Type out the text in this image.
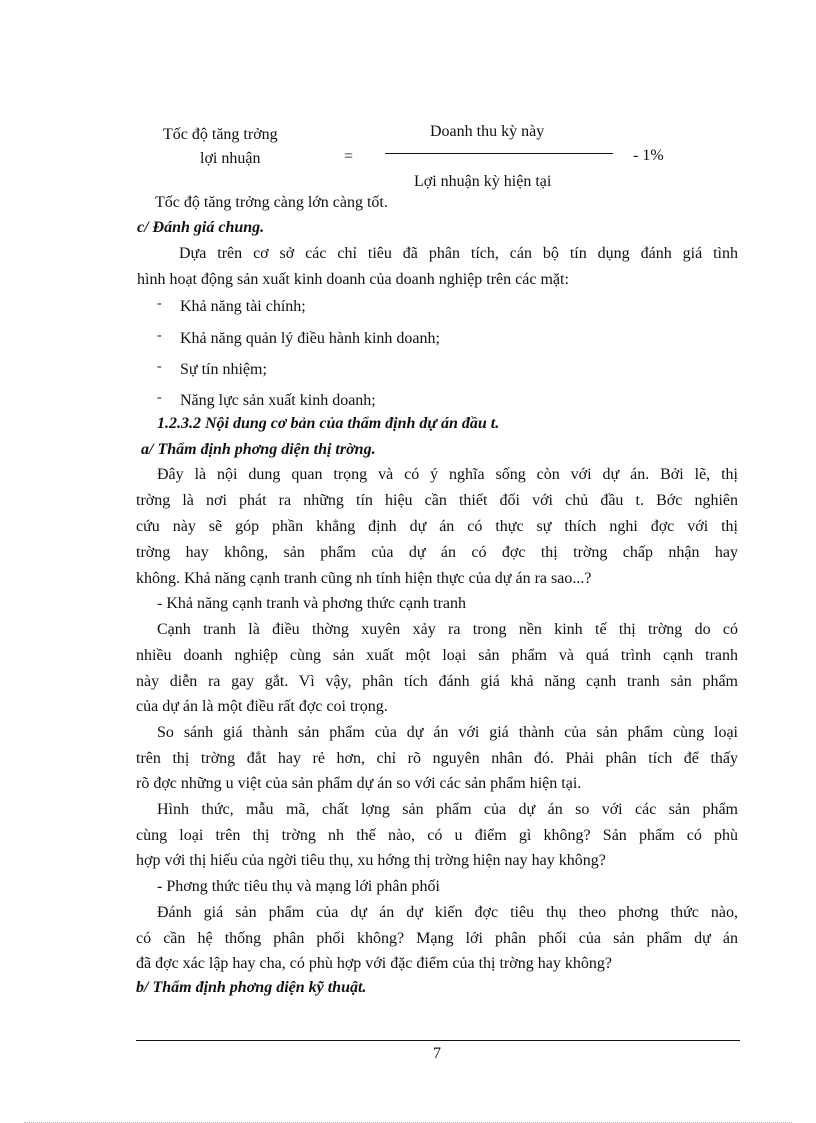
Tốc độ tăng trởng
lợi nhuận	=
Doanh thu kỳ này
Lợi nhuận kỳ hiện tại
- 1%
Tốc độ tăng trởng càng lớn càng tốt.
c/ Đánh giá chung.
Dựa trên cơ sở các chỉ tiêu đã phân tích, cán bộ tín dụng đánh giá tình
hình hoạt động sản xuất kinh doanh của doanh nghiệp trên các mặt:
- Khả năng tài chính;
- Khả năng quản lý điều hành kinh doanh;
- Sự tín nhiệm;
- Năng lực sản xuất kinh doanh;
1.2.3.2 Nội dung cơ bản của thẩm định dự án đầu t.
a/ Thẩm định phơng diện thị trờng.
Đây là nội dung quan trọng và có ý nghĩa sống còn với dự án. Bởi lẽ, thị
trờng là nơi phát ra những tín hiệu cần thiết đối với chủ đầu t. Bớc nghiên
cứu này sẽ góp phần khẳng định dự án có thực sự thích nghi đợc với thị
trờng hay không, sản phẩm của dự án có đợc thị trờng chấp nhận hay
không. Khả năng cạnh tranh cũng nh tính hiện thực của dự án ra sao...?
- Khả năng cạnh tranh và phơng thức cạnh tranh
Cạnh tranh là điều thờng xuyên xảy ra trong nền kinh tế thị trờng do có
nhiều doanh nghiệp cùng sản xuất một loại sản phẩm và quá trình cạnh tranh
này diễn ra gay gắt. Vì vậy, phân tích đánh giá khả năng cạnh tranh sản phẩm
của dự án là một điều rất đợc coi trọng.
So sánh giá thành sản phẩm của dự án với giá thành của sản phẩm cùng loại
trên thị trờng đắt hay rẻ hơn, chỉ rõ nguyên nhân đó. Phải phân tích để thấy
rõ đợc những u việt của sản phẩm dự án so với các sản phẩm hiện tại.
Hình thức, mẫu mã, chất lợng sản phẩm của dự án so với các sản phẩm
cùng loại trên thị trờng nh thế nào, có u điểm gì không? Sản phẩm có phù
hợp với thị hiếu của ngời tiêu thụ, xu hớng thị trờng hiện nay hay không?
- Phơng thức tiêu thụ và mạng lới phân phối
Đánh giá sản phẩm của dự án dự kiến đợc tiêu thụ theo phơng thức nào,
có cần hệ thống phân phối không? Mạng lới phân phối của sản phẩm dự án
đã đợc xác lập hay cha, có phù hợp với đặc điểm của thị trờng hay không?
b/ Thẩm định phơng diện kỹ thuật.
7
